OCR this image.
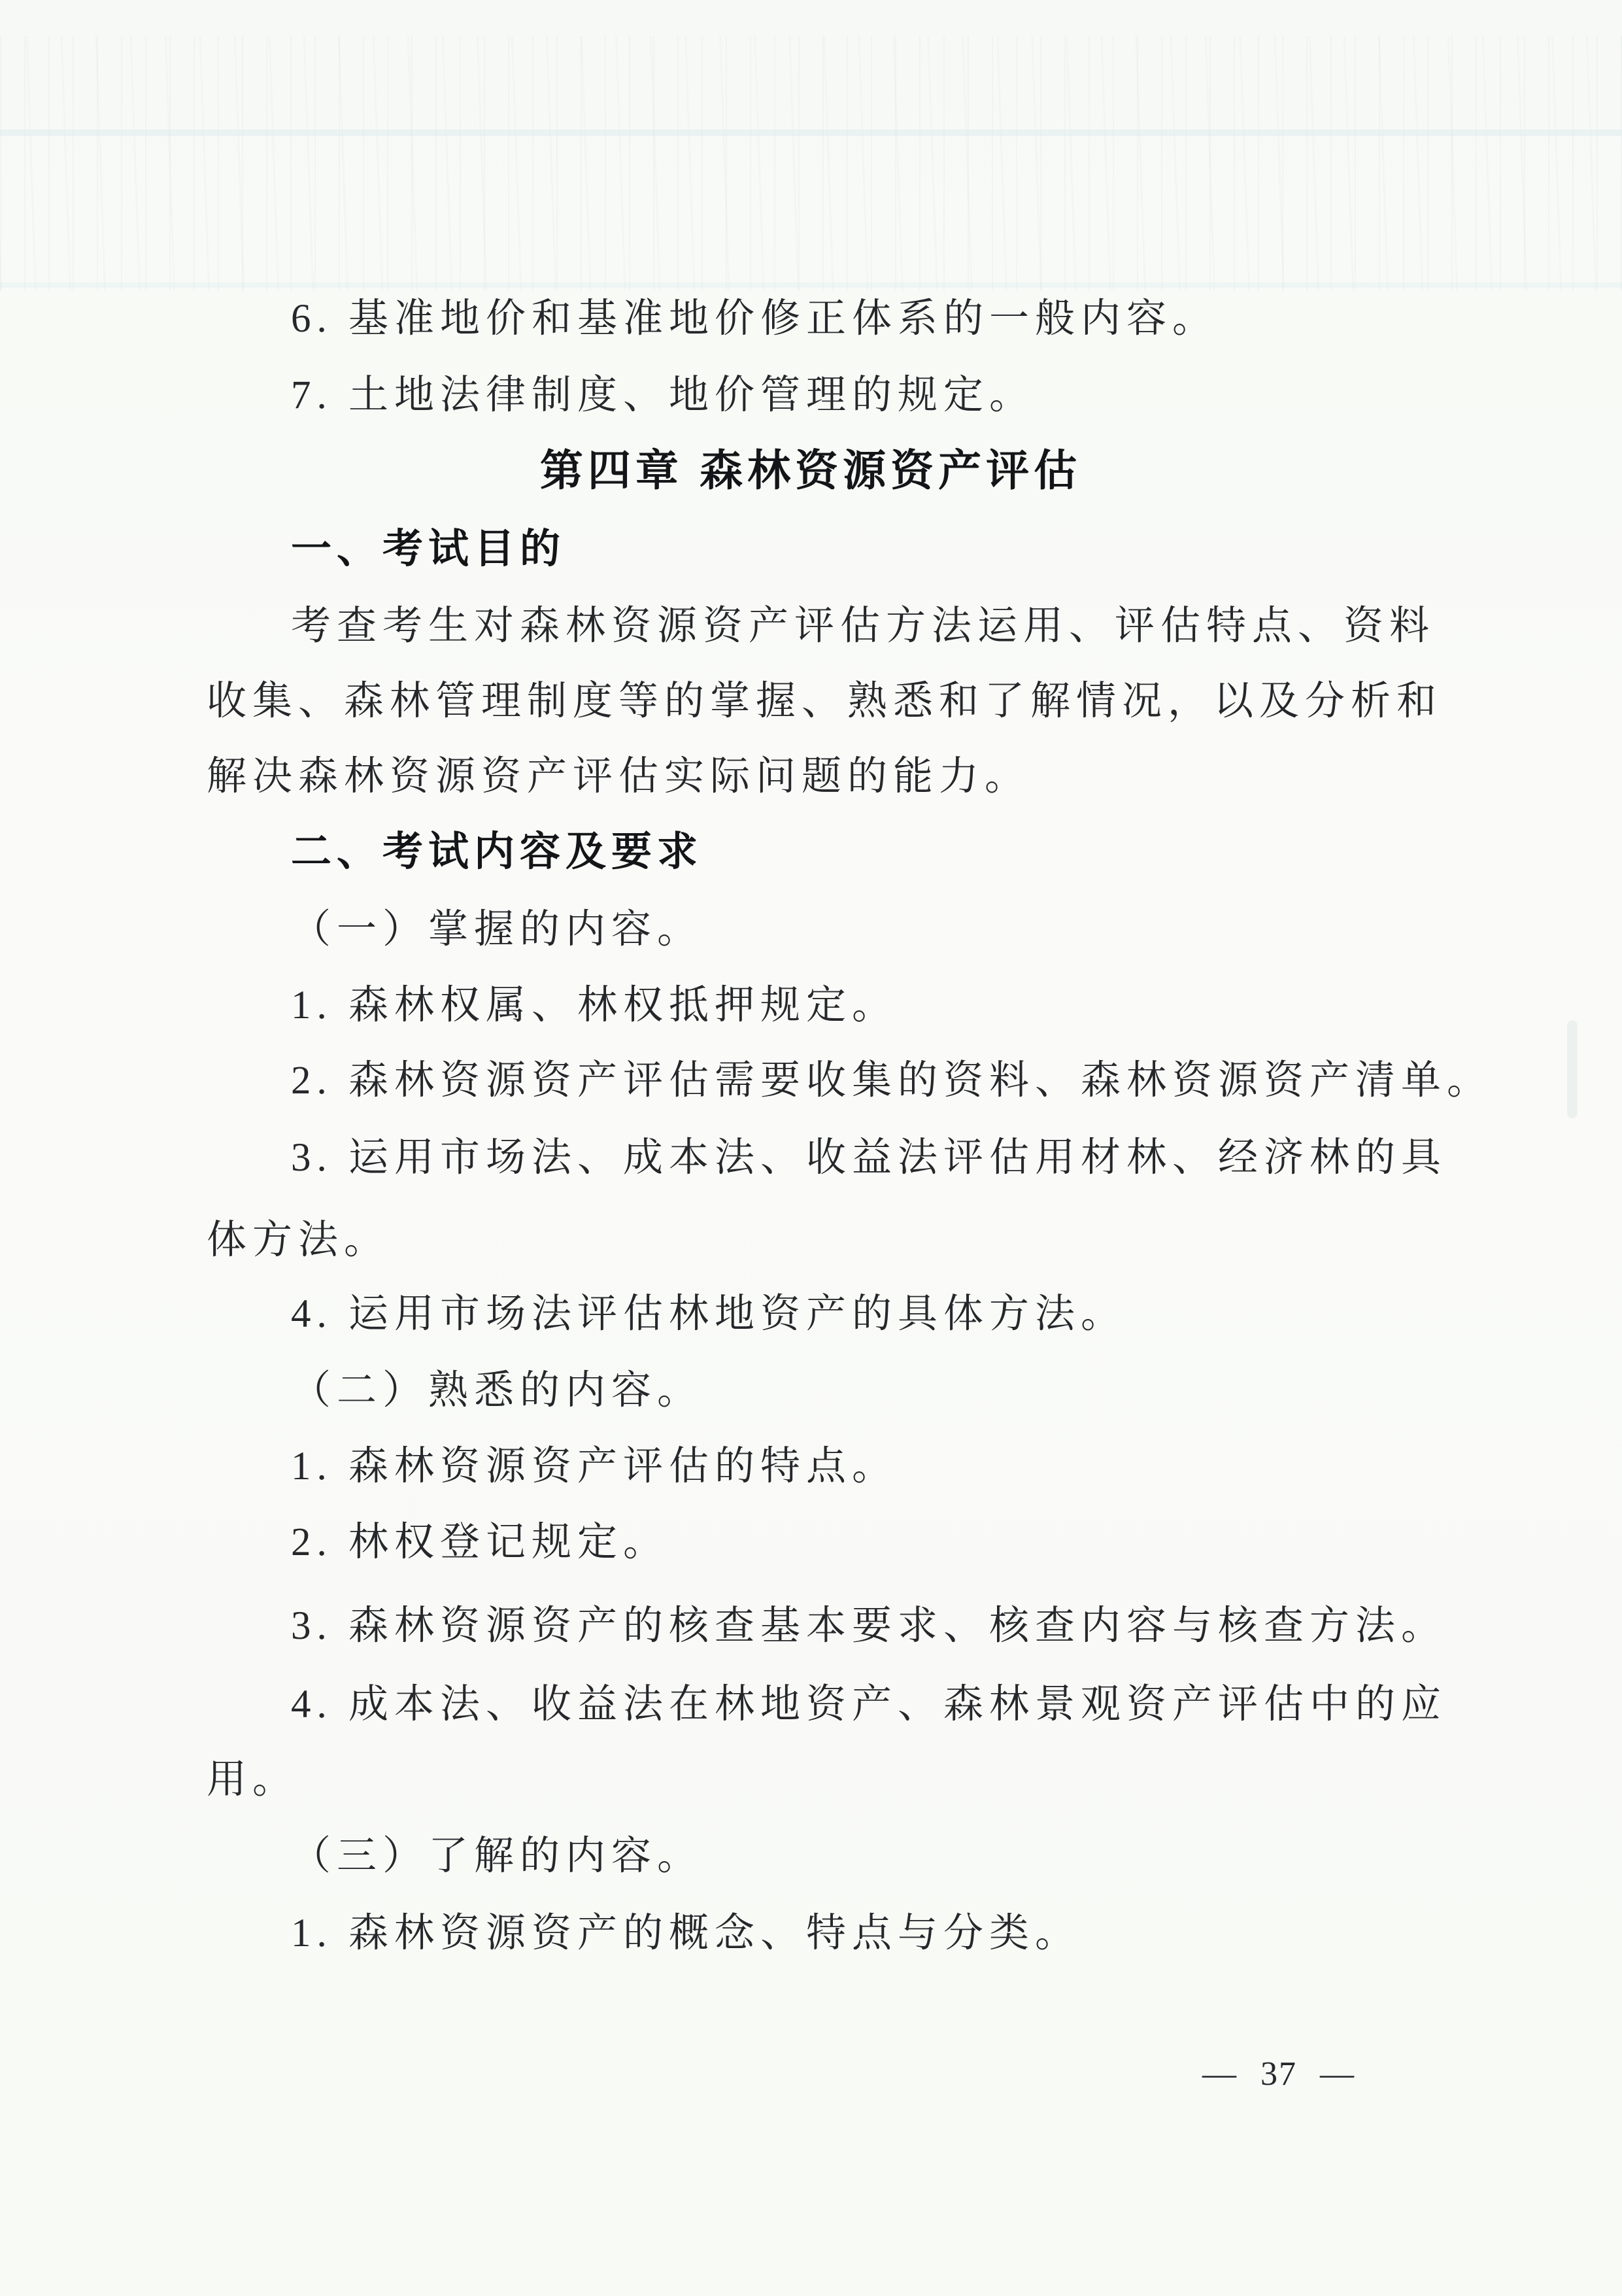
6. 基准地价和基准地价修正体系的一般内容。
7. 土地法律制度、地价管理的规定。
第四章 森林资源资产评估
一、考试目的
考查考生对森林资源资产评估方法运用、评估特点、资料
收集、森林管理制度等的掌握、熟悉和了解情况，以及分析和
解决森林资源资产评估实际问题的能力。
二、考试内容及要求
（一）掌握的内容。
1. 森林权属、林权抵押规定。
2. 森林资源资产评估需要收集的资料、森林资源资产清单。
3. 运用市场法、成本法、收益法评估用材林、经济林的具
体方法。
4. 运用市场法评估林地资产的具体方法。
（二）熟悉的内容。
1. 森林资源资产评估的特点。
2. 林权登记规定。
3. 森林资源资产的核查基本要求、核查内容与核查方法。
4. 成本法、收益法在林地资产、森林景观资产评估中的应
用。
（三）了解的内容。
1. 森林资源资产的概念、特点与分类。
— 37 —
